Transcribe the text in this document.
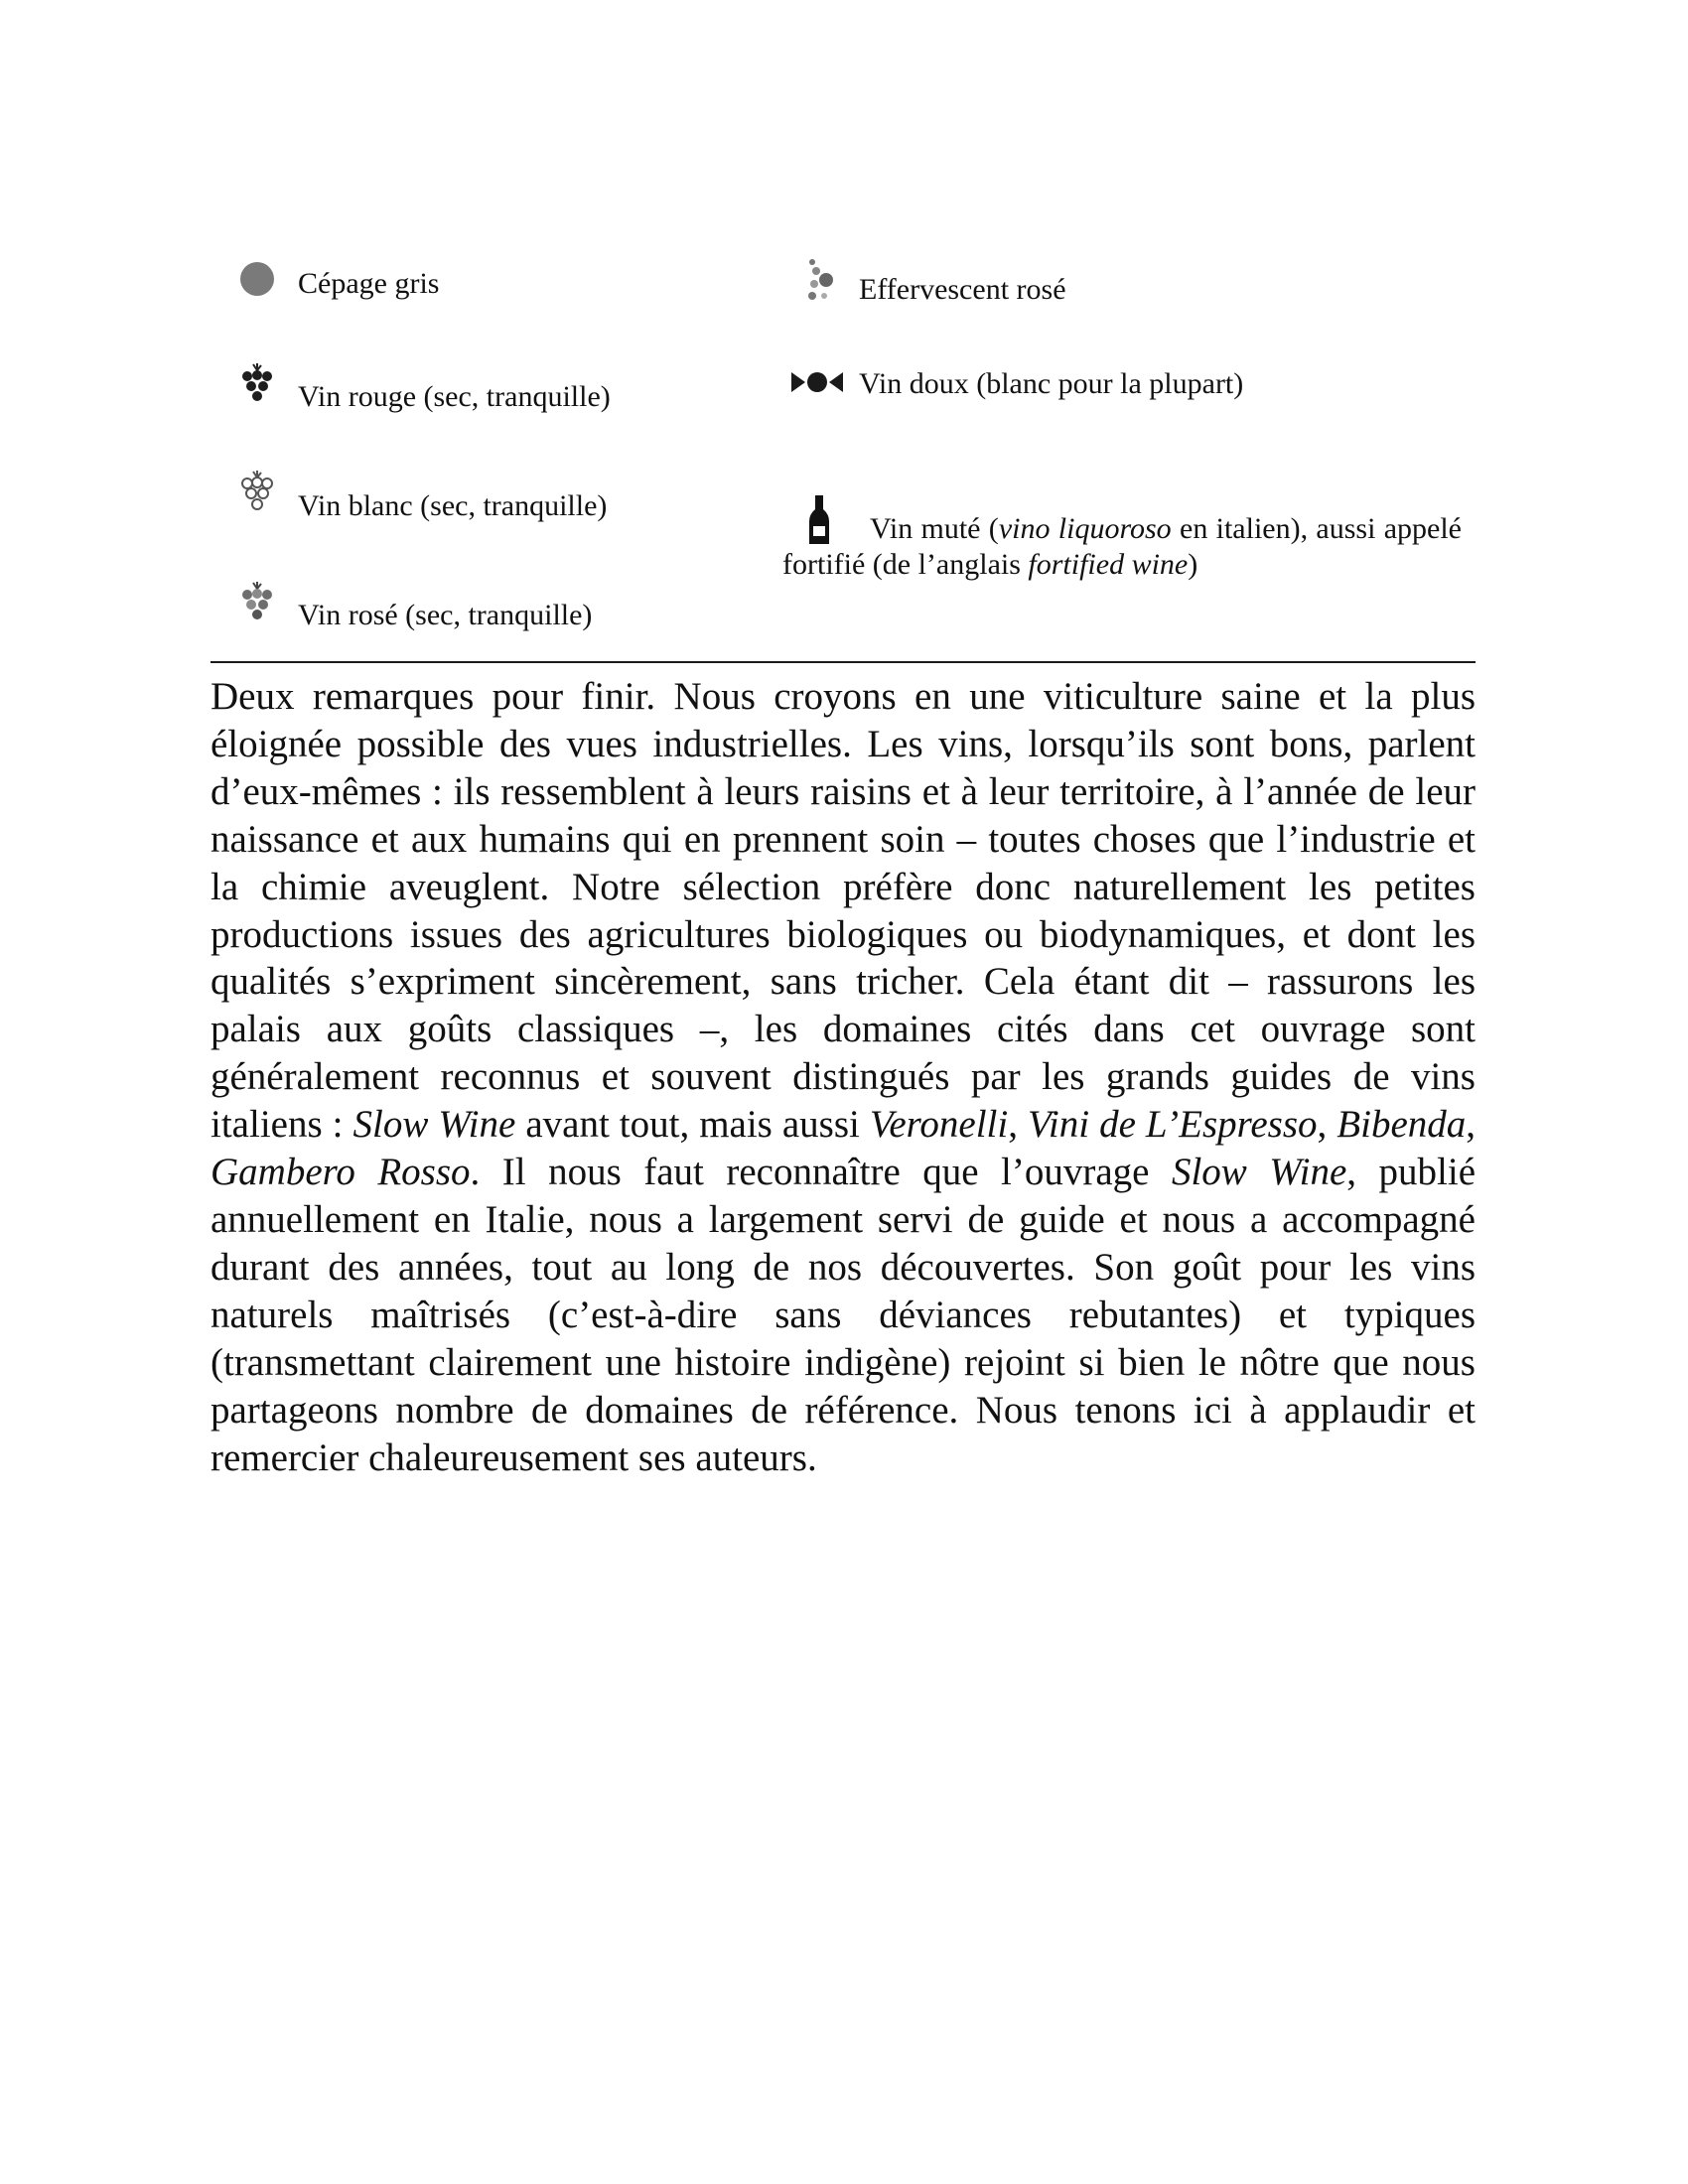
Cépage gris
Vin rouge (sec, tranquille)
Vin blanc (sec, tranquille)
Vin rosé (sec, tranquille)
Effervescent rosé
Vin doux (blanc pour la plupart)
Vin muté (vino liquoroso en italien), aussi appelé fortifié (de l’anglais fortified wine)
Deux remarques pour finir. Nous croyons en une viticulture saine et la plus éloignée possible des vues industrielles. Les vins, lorsqu’ils sont bons, parlent d’eux-mêmes : ils ressemblent à leurs raisins et à leur territoire, à l’année de leur naissance et aux humains qui en prennent soin – toutes choses que l’industrie et la chimie aveuglent. Notre sélection préfère donc naturellement les petites productions issues des agricultures biologiques ou biodynamiques, et dont les qualités s’expriment sincèrement, sans tricher. Cela étant dit – rassurons les palais aux goûts classiques –, les domaines cités dans cet ouvrage sont généralement reconnus et souvent distingués par les grands guides de vins italiens : Slow Wine avant tout, mais aussi Veronelli, Vini de L’Espresso, Bibenda, Gambero Rosso. Il nous faut reconnaître que l’ouvrage Slow Wine, publié annuellement en Italie, nous a largement servi de guide et nous a accompagné durant des années, tout au long de nos découvertes. Son goût pour les vins naturels maîtrisés (c’est-à-dire sans déviances rebutantes) et typiques (transmettant clairement une histoire indigène) rejoint si bien le nôtre que nous partageons nombre de domaines de référence. Nous tenons ici à applaudir et remercier chaleureusement ses auteurs.
